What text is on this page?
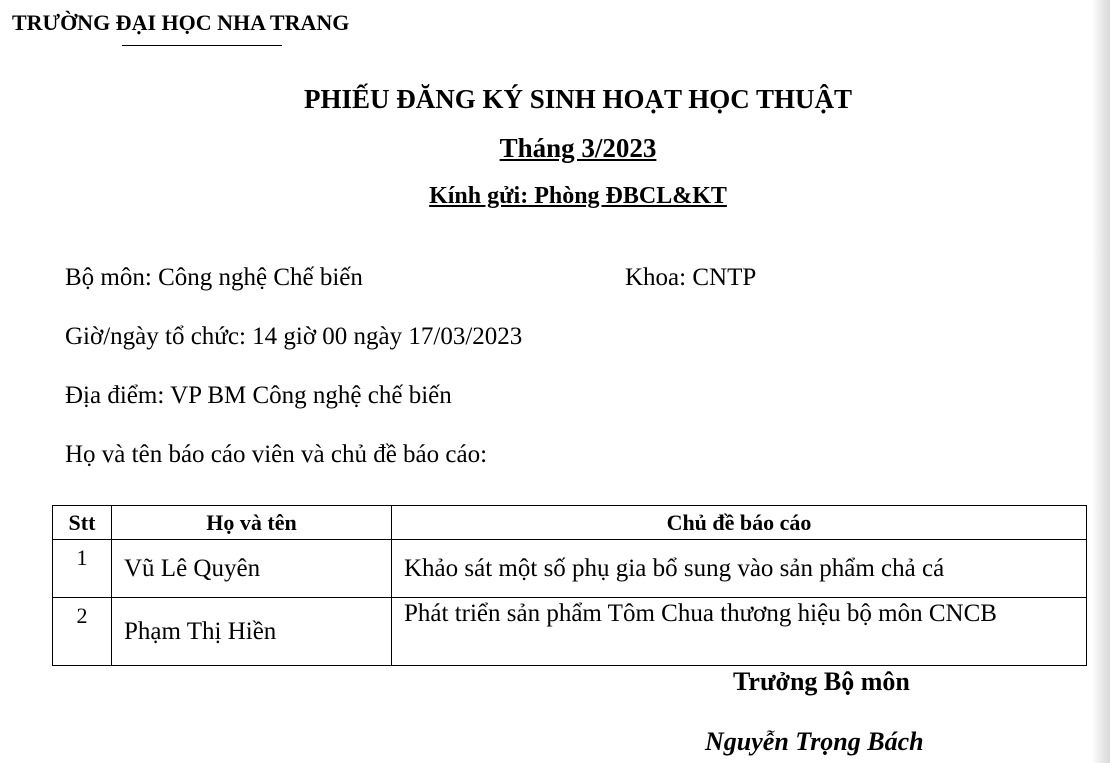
TRƯỜNG ĐẠI HỌC NHA TRANG
PHIẾU ĐĂNG KÝ SINH HOẠT HỌC THUẬT
Tháng 3/2023
Kính gửi: Phòng ĐBCL&KT
Bộ môn: Công nghệ Chế biến	Khoa: CNTP
Giờ/ngày tổ chức: 14 giờ 00 ngày 17/03/2023
Địa điểm: VP BM Công nghệ chế biến
Họ và tên báo cáo viên và chủ đề báo cáo:
Stt	Họ và tên	Chủ đề báo cáo
1	Vũ Lê Quyên	Khảo sát một số phụ gia bổ sung vào sản phẩm chả cá
2	Phạm Thị Hiền	Phát triển sản phẩm Tôm Chua thương hiệu bộ môn CNCB
Trưởng Bộ môn
Nguyễn Trọng Bách
